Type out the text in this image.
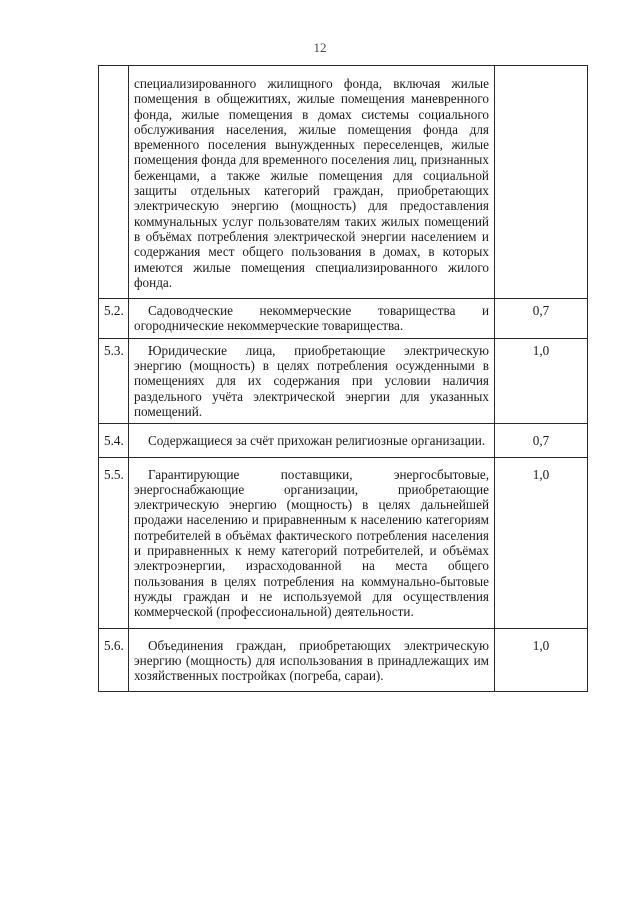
12
	специализированного жилищного фонда, включая жилые помещения в общежитиях, жилые помещения маневренного фонда, жилые помещения в домах системы социального обслуживания населения, жилые помещения фонда для временного поселения вынужденных переселенцев, жилые помещения фонда для временного поселения лиц, признанных беженцами, а также жилые помещения для социальной защиты отдельных категорий граждан, приобретающих электрическую энергию (мощность) для предоставления коммунальных услуг пользователям таких жилых помещений в объёмах потребления электрической энергии населением и содержания мест общего пользования в домах, в которых имеются жилые помещения специализированного жилого фонда.	
5.2.	Садоводческие некоммерческие товарищества и огороднические некоммерческие товарищества.	0,7
5.3.	Юридические лица, приобретающие электрическую энергию (мощность) в целях потребления осужденными в помещениях для их содержания при условии наличия раздельного учёта электрической энергии для указанных помещений.	1,0
5.4.	Содержащиеся за счёт прихожан религиозные организации.	0,7
5.5.	Гарантирующие поставщики, энергосбытовые, энергоснабжающие организации, приобретающие электрическую энергию (мощность) в целях дальнейшей продажи населению и приравненным к населению категориям потребителей в объёмах фактического потребления населения и приравненных к нему категорий потребителей, и объёмах электроэнергии, израсходованной на места общего пользования в целях потребления на коммунально-бытовые нужды граждан и не используемой для осуществления коммерческой (профессиональной) деятельности.	1,0
5.6.	Объединения граждан, приобретающих электрическую энергию (мощность) для использования в принадлежащих им хозяйственных постройках (погреба, сараи).	1,0
